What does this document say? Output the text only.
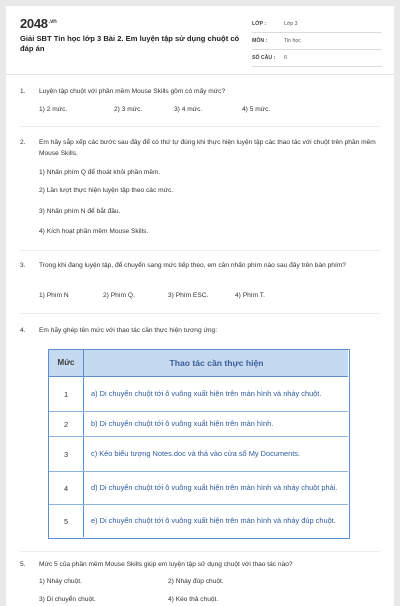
$2048^{.vn}$
Giải SBT Tin học lớp 3 Bài 2. Em luyện tập sử dụng chuột có đáp án
LỚP :	Lớp 3
MÔN :	Tin học
SỐ CÂU : 6
1. Luyện tập chuột với phần mềm Mouse Skills gồm có mấy mức?
1) 2 mức.	2) 3 mức.	3) 4 mức.	4) 5 mức.
2. Em hãy sắp xếp các bước sau đây để có thứ tự đúng khi thực hiện luyện tập các thao tác với chuột trên phần mềm Mouse Skills.
1) Nhấn phím Q để thoát khỏi phần mềm.
2) Lần lượt thực hiện luyện tập theo các mức.
3) Nhấn phím N để bắt đầu.
4) Kích hoạt phần mềm Mouse Skills.
3. Trong khi đang luyện tập, để chuyển sang mức tiếp theo, em cần nhấn phím nào sau đây trên bàn phím?
1) Phím N	2) Phím Q.	3) Phím ESC.	4) Phím T.
4. Em hãy ghép tên mức với thao tác cần thực hiện tương ứng:
Mức	Thao tác cần thực hiện
1	a) Di chuyển chuột tới ô vuông xuất hiện trên màn hình và nháy chuột.
2	b) Di chuyển chuột tới ô vuông xuất hiện trên màn hình.
3	c) Kéo biểu tượng Notes.doc và thả vào cửa sổ My Documents.
4	d) Di chuyển chuột tới ô vuông xuất hiện trên màn hình và nháy chuột phải.
5	e) Di chuyển chuột tới ô vuông xuất hiện trên màn hình và nháy đúp chuột.
5. Mức 5 của phần mềm Mouse Skills giúp em luyện tập sử dụng chuột với thao tác nào?
1) Nháy chuột.	2) Nháy đúp chuột.
3) Di chuyển chuột.	4) Kéo thả chuột.
